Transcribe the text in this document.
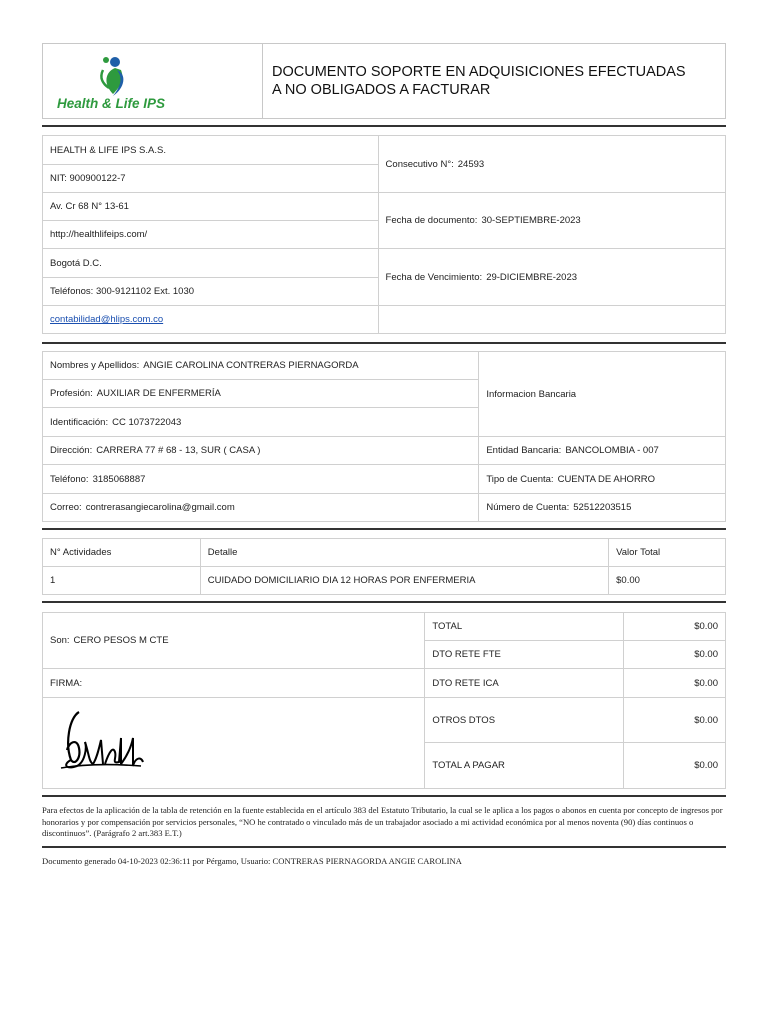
Health & Life IPS
DOCUMENTO SOPORTE EN ADQUISICIONES EFECTUADAS
A NO OBLIGADOS A FACTURAR
HEALTH & LIFE IPS S.A.S.	Consecutivo N°: 24593
NIT: 900900122-7	
Av. Cr 68 N° 13-61	Fecha de documento: 30-SEPTIEMBRE-2023
http://healthlifeips.com/	
Bogotá D.C.	Fecha de Vencimiento: 29-DICIEMBRE-2023
Teléfonos: 300-9121102 Ext. 1030	
contabilidad@hlips.com.co	
Nombres y Apellidos: ANGIE CAROLINA CONTRERAS PIERNAGORDA	Informacion Bancaria
Profesión: AUXILIAR DE ENFERMERÍA	
Identificación: CC 1073722043	
Dirección: CARRERA 77 # 68 - 13, SUR ( CASA )	Entidad Bancaria: BANCOLOMBIA - 007
Teléfono: 3185068887	Tipo de Cuenta: CUENTA DE AHORRO
Correo: contrerasangiecarolina@gmail.com	Número de Cuenta: 52512203515
N° Actividades	Detalle	Valor Total
1	CUIDADO DOMICILIARIO DIA 12 HORAS POR ENFERMERIA	$0.00
Son: CERO PESOS M CTE	TOTAL	$0.00
	DTO RETE FTE	$0.00
FIRMA:	DTO RETE ICA	$0.00

	OTROS DTOS	$0.00
	TOTAL A PAGAR	$0.00
Para efectos de la aplicación de la tabla de retención en la fuente establecida en el artículo 383 del Estatuto Tributario, la cual se le aplica a los pagos o abonos en cuenta por concepto de ingresos por honorarios y por compensación por servicios personales, “NO he contratado o vinculado más de un trabajador asociado a mi actividad económica por al menos noventa (90) días continuos o discontinuos”. (Parágrafo 2 art.383 E.T.)
Documento generado 04-10-2023 02:36:11 por Pérgamo, Usuario: CONTRERAS PIERNAGORDA ANGIE CAROLINA
